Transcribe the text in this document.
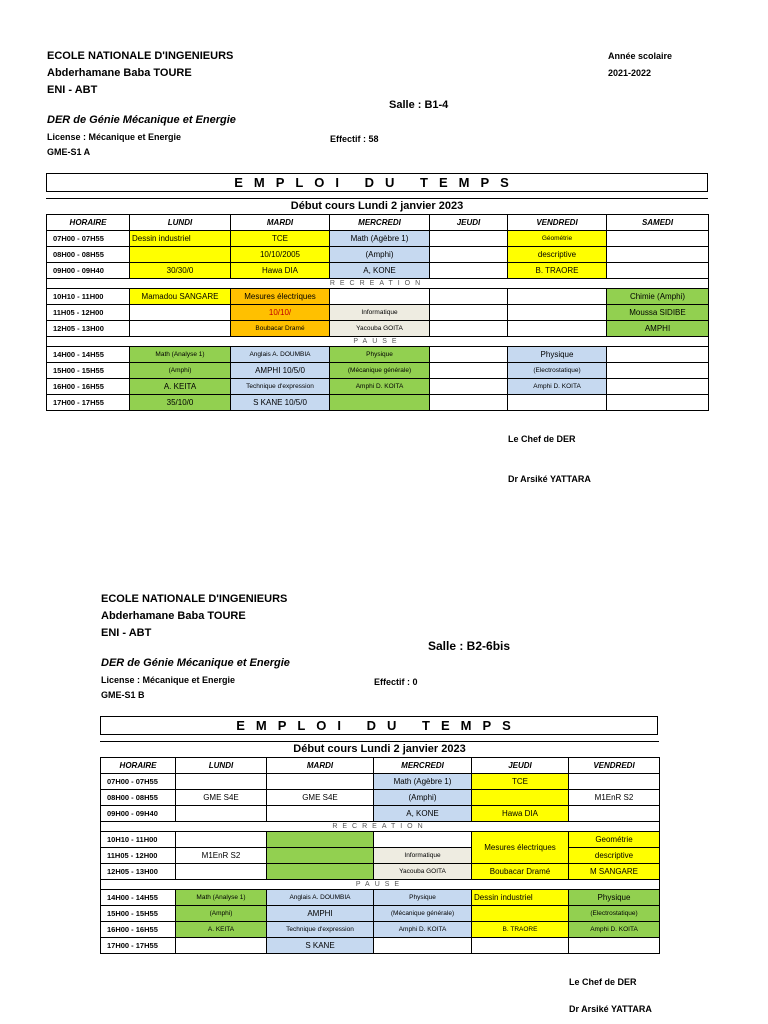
ECOLE NATIONALE D'INGENIEURS
Abderhamane Baba TOURE
ENI - ABT
Année scolaire
2021-2022
Salle : B1-4
DER de Génie Mécanique et Energie
License : Mécanique et Energie	Effectif : 58
GME-S1 A
EMPLOI DU TEMPS
Début cours Lundi 2 janvier 2023
HORAIRE	LUNDI	MARDI	MERCREDI	JEUDI	VENDREDI	SAMEDI
07H00 - 07H55	Dessin industriel	TCE	Math (Agèbre 1)		Géométrie	
08H00 - 08H55		10/10/2005	(Amphi)		descriptive	
09H00 - 09H40	30/30/0	Hawa DIA	A, KONE		B. TRAORE	
RECREATION						
10H10 - 11H00	Mamadou SANGARE	Mesures électriques				Chimie (Amphi)
11H05 - 12H00		10/10/	Informatique			Moussa SIDIBE
12H05 - 13H00		Boubacar Dramé	Yacouba GOITA			AMPHI
PAUSE						
14H00 - 14H55	Math (Analyse 1)	Anglais A. DOUMBIA	Physique		Physique	
15H00 - 15H55	(Amphi)	AMPHI 10/5/0	(Mécanique générale)		(Electrostatique)	
16H00 - 16H55	A. KEITA	Technique d'expression	Amphi D. KOITA		Amphi D. KOITA	
17H00 - 17H55	35/10/0	S KANE 10/5/0				
Le Chef de DER
Dr Arsiké YATTARA
ECOLE NATIONALE D'INGENIEURS
Abderhamane Baba TOURE
ENI - ABT
Salle : B2-6bis
DER de Génie Mécanique et Energie
License : Mécanique et Energie	Effectif : 0
GME-S1 B
EMPLOI DU TEMPS
Début cours Lundi 2 janvier 2023
HORAIRE	LUNDI	MARDI	MERCREDI	JEUDI	VENDREDI
07H00 - 07H55			Math (Agèbre 1)	TCE	
08H00 - 08H55	GME S4E	GME S4E	(Amphi)		M1EnR S2
09H00 - 09H40			A, KONE	Hawa DIA	
RECREATION					
10H10 - 11H00				Mesures électriques	Geométrie
11H05 - 12H00	M1EnR S2		Informatique		descriptive
12H05 - 13H00			Yacouba GOITA	Boubacar Dramé	M SANGARE
PAUSE					
14H00 - 14H55	Math (Analyse 1)	Anglais A. DOUMBIA	Physique	Dessin industriel	Physique
15H00 - 15H55	(Amphi)	AMPHI	(Mécanique générale)		(Electrostatique)
16H00 - 16H55	A. KEITA	Technique d'expression	Amphi D. KOITA	B. TRAORE	Amphi D. KOITA
17H00 - 17H55		S KANE			
Le Chef de DER
Dr Arsiké YATTARA
